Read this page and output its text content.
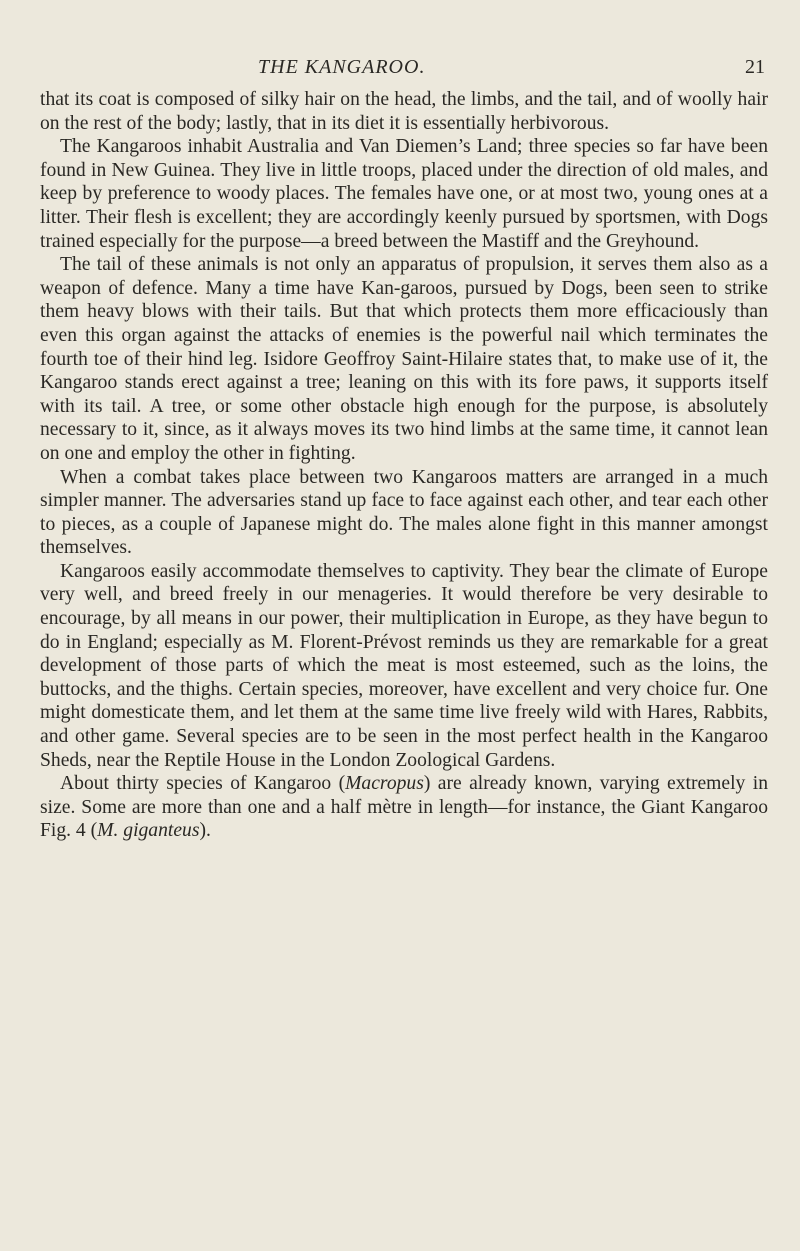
THE KANGAROO.	21

that its coat is composed of silky hair on the head, the limbs, and the tail, and of woolly hair on the rest of the body; lastly, that in its diet it is essentially herbivorous.

The Kangaroos inhabit Australia and Van Diemen’s Land; three species so far have been found in New Guinea. They live in little troops, placed under the direction of old males, and keep by preference to woody places. The females have one, or at most two, young ones at a litter. Their flesh is excellent; they are accordingly keenly pursued by sportsmen, with Dogs trained especially for the purpose—a breed between the Mastiff and the Greyhound.

The tail of these animals is not only an apparatus of propulsion, it serves them also as a weapon of defence. Many a time have Kan-garoos, pursued by Dogs, been seen to strike them heavy blows with their tails. But that which protects them more efficaciously than even this organ against the attacks of enemies is the powerful nail which terminates the fourth toe of their hind leg. Isidore Geoffroy Saint-Hilaire states that, to make use of it, the Kangaroo stands erect against a tree; leaning on this with its fore paws, it supports itself with its tail. A tree, or some other obstacle high enough for the purpose, is absolutely necessary to it, since, as it always moves its two hind limbs at the same time, it cannot lean on one and employ the other in fighting.

When a combat takes place between two Kangaroos matters are arranged in a much simpler manner. The adversaries stand up face to face against each other, and tear each other to pieces, as a couple of Japanese might do. The males alone fight in this manner amongst themselves.

Kangaroos easily accommodate themselves to captivity. They bear the climate of Europe very well, and breed freely in our menageries. It would therefore be very desirable to encourage, by all means in our power, their multiplication in Europe, as they have begun to do in England; especially as M. Florent-Prévost reminds us they are remarkable for a great development of those parts of which the meat is most esteemed, such as the loins, the buttocks, and the thighs. Certain species, moreover, have excellent and very choice fur. One might domesticate them, and let them at the same time live freely wild with Hares, Rabbits, and other game. Several species are to be seen in the most perfect health in the Kangaroo Sheds, near the Reptile House in the London Zoological Gardens.

About thirty species of Kangaroo (Macropus) are already known, varying extremely in size. Some are more than one and a half mètre in length—for instance, the Giant Kangaroo Fig. 4 (M. giganteus).
